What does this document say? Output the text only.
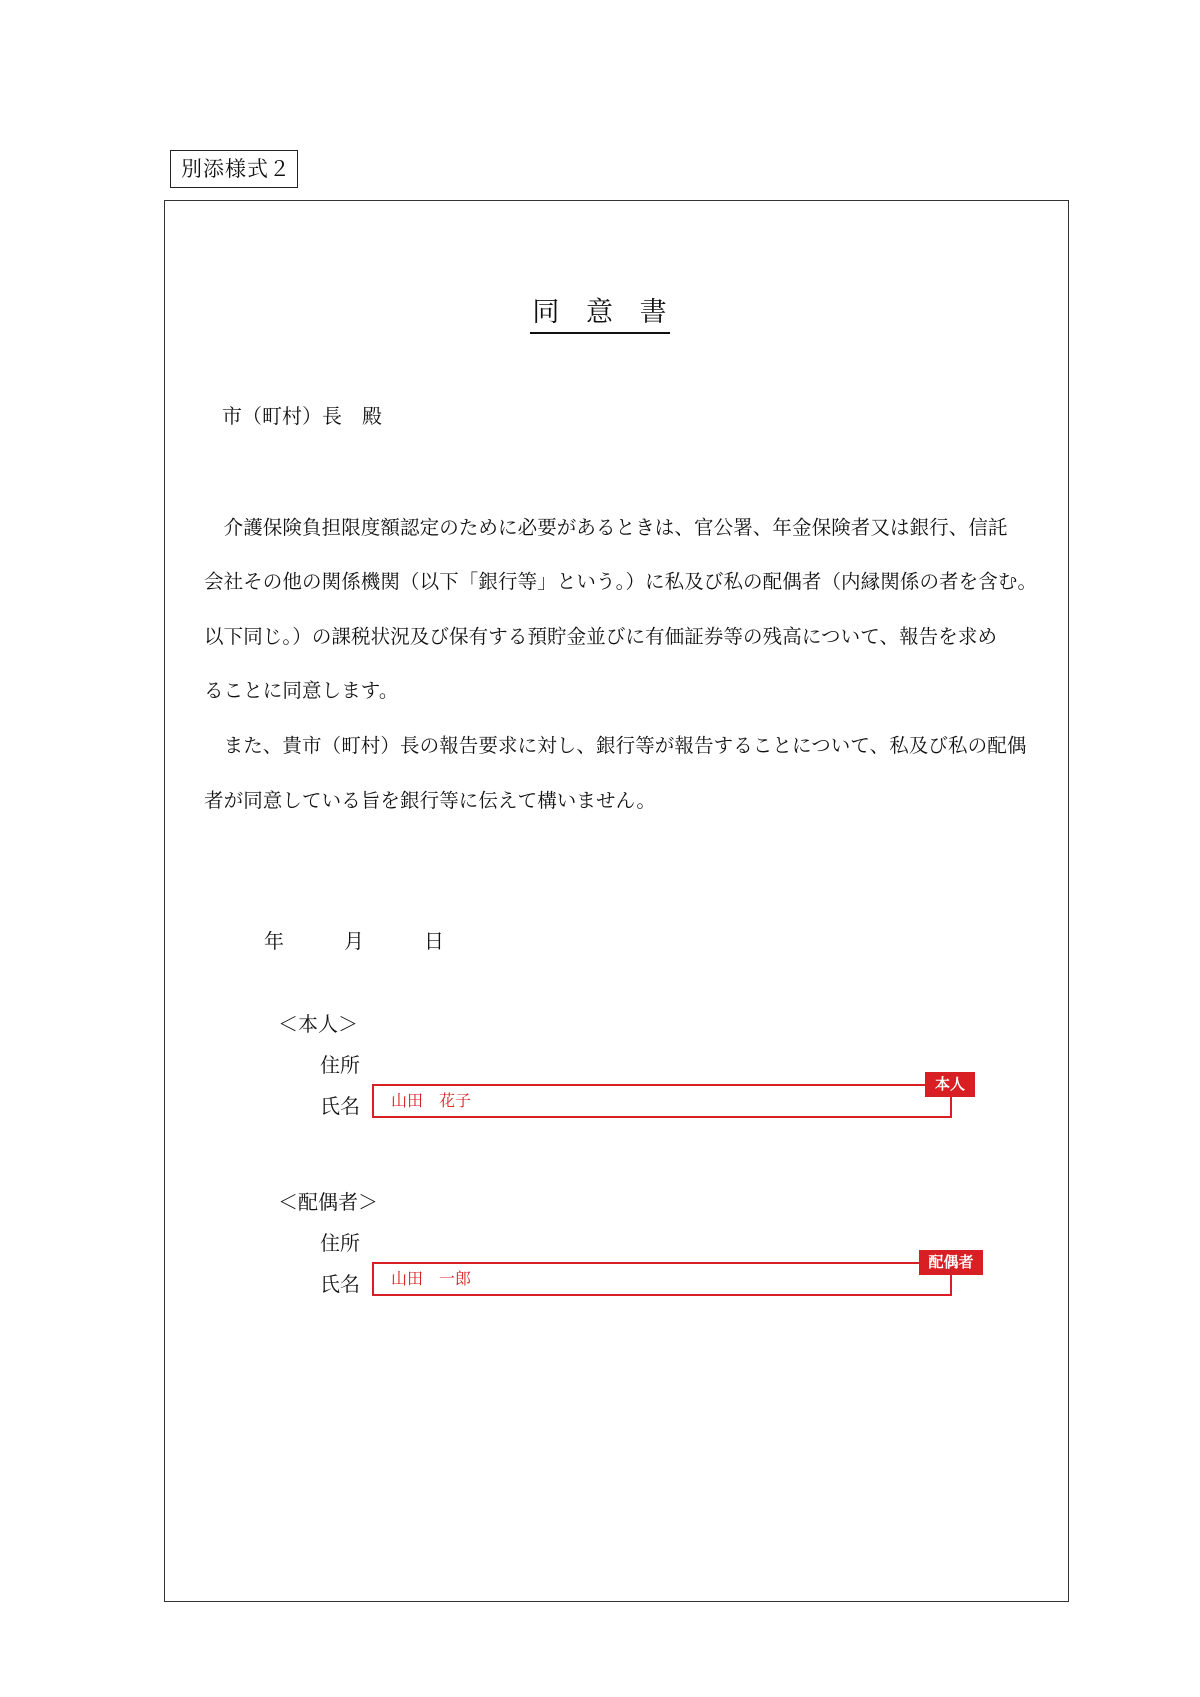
別添様式２
同 意 書
市（町村）長　殿
　介護保険負担限度額認定のために必要があるときは、官公署、年金保険者又は銀行、信託
会社その他の関係機関（以下「銀行等」という。）に私及び私の配偶者（内縁関係の者を含む。
以下同じ。）の課税状況及び保有する預貯金並びに有価証券等の残高について、報告を求め
ることに同意します。
　また、貴市（町村）長の報告要求に対し、銀行等が報告することについて、私及び私の配偶
者が同意している旨を銀行等に伝えて構いません。
年　　　月　　　日
＜本人＞
住所
氏名	山田　花子
本人
＜配偶者＞
住所
氏名	山田　一郎
配偶者
